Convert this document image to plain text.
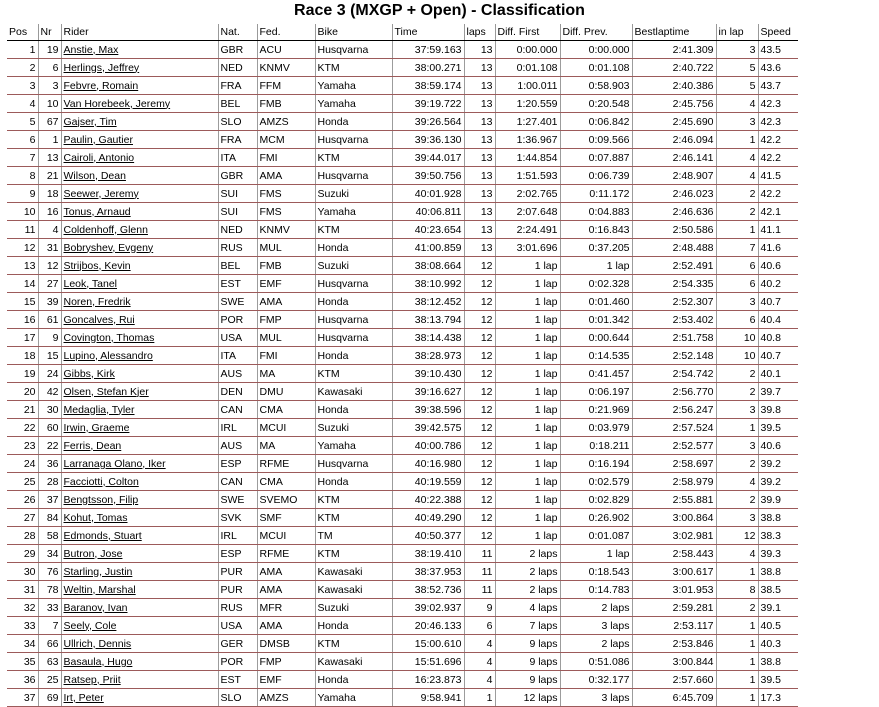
Race 3 (MXGP + Open) - Classification
Pos	Nr	Rider	Nat.	Fed.	Bike	Time	laps	Diff. First	Diff. Prev.	Bestlaptime	in lap	Speed
1	19	Anstie, Max	GBR	ACU	Husqvarna	37:59.163	13	0:00.000	0:00.000	2:41.309	3	43.5
2	6	Herlings, Jeffrey	NED	KNMV	KTM	38:00.271	13	0:01.108	0:01.108	2:40.722	5	43.6
3	3	Febvre, Romain	FRA	FFM	Yamaha	38:59.174	13	1:00.011	0:58.903	2:40.386	5	43.7
4	10	Van Horebeek, Jeremy	BEL	FMB	Yamaha	39:19.722	13	1:20.559	0:20.548	2:45.756	4	42.3
5	67	Gajser, Tim	SLO	AMZS	Honda	39:26.564	13	1:27.401	0:06.842	2:45.690	3	42.3
6	1	Paulin, Gautier	FRA	MCM	Husqvarna	39:36.130	13	1:36.967	0:09.566	2:46.094	1	42.2
7	13	Cairoli, Antonio	ITA	FMI	KTM	39:44.017	13	1:44.854	0:07.887	2:46.141	4	42.2
8	21	Wilson, Dean	GBR	AMA	Husqvarna	39:50.756	13	1:51.593	0:06.739	2:48.907	4	41.5
9	18	Seewer, Jeremy	SUI	FMS	Suzuki	40:01.928	13	2:02.765	0:11.172	2:46.023	2	42.2
10	16	Tonus, Arnaud	SUI	FMS	Yamaha	40:06.811	13	2:07.648	0:04.883	2:46.636	2	42.1
11	4	Coldenhoff, Glenn	NED	KNMV	KTM	40:23.654	13	2:24.491	0:16.843	2:50.586	1	41.1
12	31	Bobryshev, Evgeny	RUS	MUL	Honda	41:00.859	13	3:01.696	0:37.205	2:48.488	7	41.6
13	12	Strijbos, Kevin	BEL	FMB	Suzuki	38:08.664	12	1 lap	1 lap	2:52.491	6	40.6
14	27	Leok, Tanel	EST	EMF	Husqvarna	38:10.992	12	1 lap	0:02.328	2:54.335	6	40.2
15	39	Noren, Fredrik	SWE	AMA	Honda	38:12.452	12	1 lap	0:01.460	2:52.307	3	40.7
16	61	Goncalves, Rui	POR	FMP	Husqvarna	38:13.794	12	1 lap	0:01.342	2:53.402	6	40.4
17	9	Covington, Thomas	USA	MUL	Husqvarna	38:14.438	12	1 lap	0:00.644	2:51.758	10	40.8
18	15	Lupino, Alessandro	ITA	FMI	Honda	38:28.973	12	1 lap	0:14.535	2:52.148	10	40.7
19	24	Gibbs, Kirk	AUS	MA	KTM	39:10.430	12	1 lap	0:41.457	2:54.742	2	40.1
20	42	Olsen, Stefan Kjer	DEN	DMU	Kawasaki	39:16.627	12	1 lap	0:06.197	2:56.770	2	39.7
21	30	Medaglia, Tyler	CAN	CMA	Honda	39:38.596	12	1 lap	0:21.969	2:56.247	3	39.8
22	60	Irwin, Graeme	IRL	MCUI	Suzuki	39:42.575	12	1 lap	0:03.979	2:57.524	1	39.5
23	22	Ferris, Dean	AUS	MA	Yamaha	40:00.786	12	1 lap	0:18.211	2:52.577	3	40.6
24	36	Larranaga Olano, Iker	ESP	RFME	Husqvarna	40:16.980	12	1 lap	0:16.194	2:58.697	2	39.2
25	28	Facciotti, Colton	CAN	CMA	Honda	40:19.559	12	1 lap	0:02.579	2:58.979	4	39.2
26	37	Bengtsson, Filip	SWE	SVEMO	KTM	40:22.388	12	1 lap	0:02.829	2:55.881	2	39.9
27	84	Kohut, Tomas	SVK	SMF	KTM	40:49.290	12	1 lap	0:26.902	3:00.864	3	38.8
28	58	Edmonds, Stuart	IRL	MCUI	TM	40:50.377	12	1 lap	0:01.087	3:02.981	12	38.3
29	34	Butron, Jose	ESP	RFME	KTM	38:19.410	11	2 laps	1 lap	2:58.443	4	39.3
30	76	Starling, Justin	PUR	AMA	Kawasaki	38:37.953	11	2 laps	0:18.543	3:00.617	1	38.8
31	78	Weltin, Marshal	PUR	AMA	Kawasaki	38:52.736	11	2 laps	0:14.783	3:01.953	8	38.5
32	33	Baranov, Ivan	RUS	MFR	Suzuki	39:02.937	9	4 laps	2 laps	2:59.281	2	39.1
33	7	Seely, Cole	USA	AMA	Honda	20:46.133	6	7 laps	3 laps	2:53.117	1	40.5
34	66	Ullrich, Dennis	GER	DMSB	KTM	15:00.610	4	9 laps	2 laps	2:53.846	1	40.3
35	63	Basaula, Hugo	POR	FMP	Kawasaki	15:51.696	4	9 laps	0:51.086	3:00.844	1	38.8
36	25	Ratsep, Priit	EST	EMF	Honda	16:23.873	4	9 laps	0:32.177	2:57.660	1	39.5
37	69	Irt, Peter	SLO	AMZS	Yamaha	9:58.941	1	12 laps	3 laps	6:45.709	1	17.3
